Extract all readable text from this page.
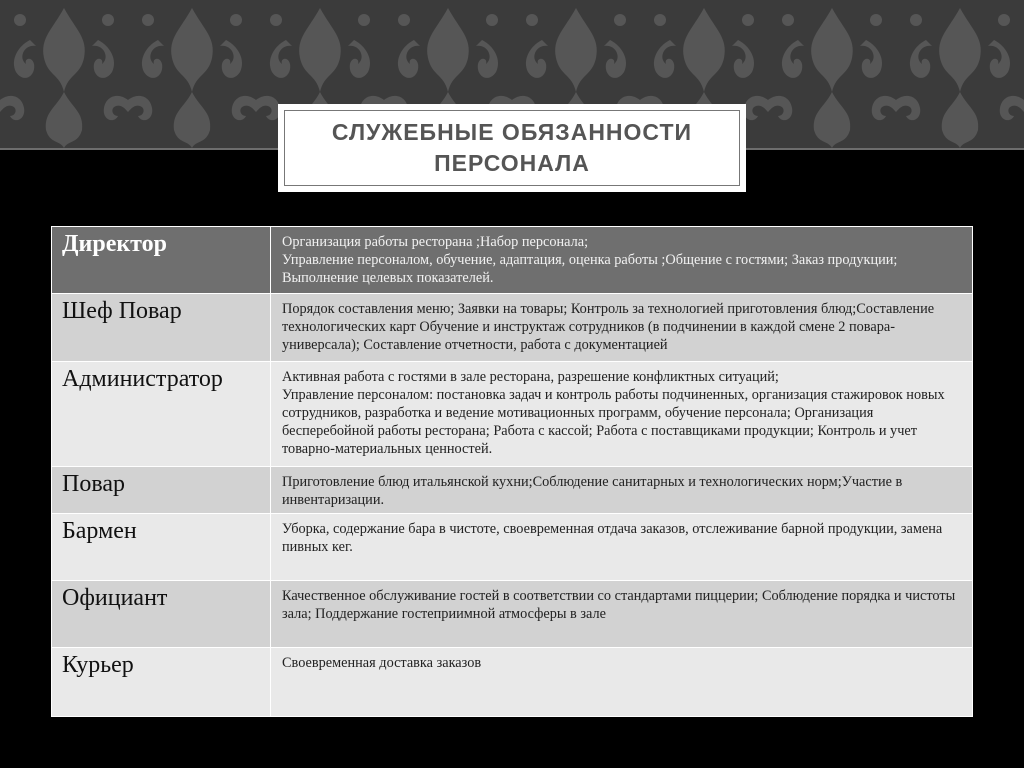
СЛУЖЕБНЫЕ ОБЯЗАННОСТИ
ПЕРСОНАЛА
Директор	Организация работы ресторана ;Набор персонала;
Управление персоналом, обучение, адаптация, оценка работы ;Общение с гостями; Заказ продукции; Выполнение целевых показателей.
Шеф Повар	Порядок составления меню; Заявки на товары; Контроль за технологией приготовления блюд;Составление технологических карт Обучение и инструктаж сотрудников (в подчинении в каждой смене 2 повара-универсала); Составление отчетности, работа с документацией
Администратор	Активная работа с гостями в зале ресторана, разрешение конфликтных ситуаций;
Управление персоналом: постановка задач и контроль работы подчиненных, организация стажировок новых сотрудников, разработка и ведение мотивационных программ, обучение персонала; Организация бесперебойной работы ресторана; Работа с кассой; Работа с поставщиками продукции; Контроль и учет товарно-материальных ценностей.
Повар	Приготовление блюд итальянской кухни;Соблюдение санитарных и технологических норм;Участие в инвентаризации.
Бармен	Уборка, содержание бара в чистоте, своевременная отдача заказов, отслеживание барной продукции, замена пивных кег.
Официант	Качественное обслуживание гостей в соответствии со стандартами пиццерии; Соблюдение порядка и чистоты зала; Поддержание гостеприимной атмосферы в зале
Курьер	Своевременная доставка заказов
